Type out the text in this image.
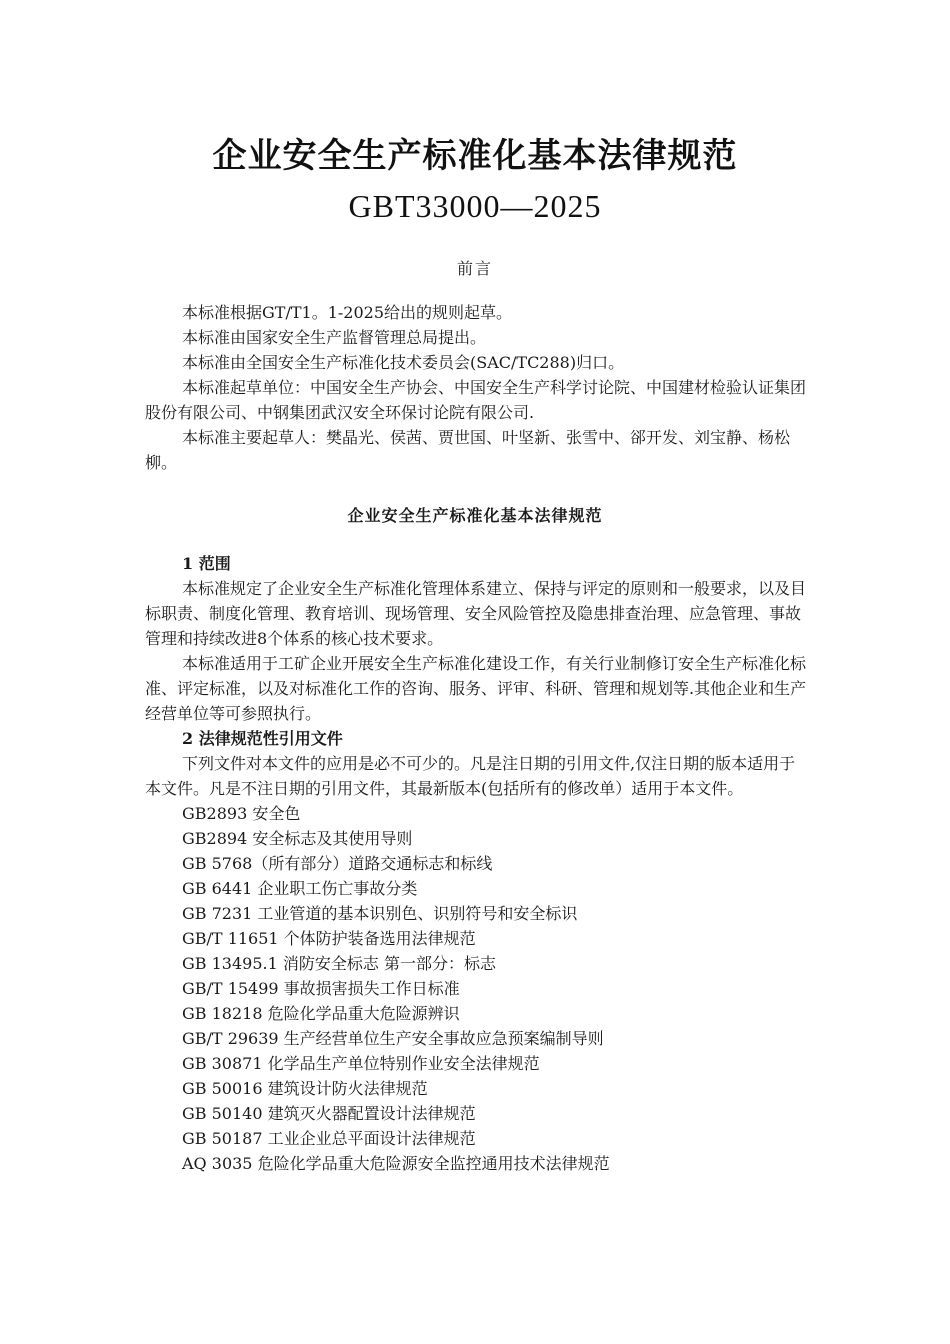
企业安全生产标准化基本法律规范
GBT33000—2025
前言

本标准根据GT/T1。1-2025给出的规则起草。

本标准由国家安全生产监督管理总局提出。

本标准由全国安全生产标准化技术委员会(SAC/TC288)归口。

本标准起草单位：中国安全生产协会、中国安全生产科学讨论院、中国建材检验认证集团股份有限公司、中钢集团武汉安全环保讨论院有限公司.

本标准主要起草人：樊晶光、侯茜、贾世国、叶坚新、张雪中、郤开发、刘宝静、杨松柳。

企业安全生产标准化基本法律规范
1 范围

本标准规定了企业安全生产标准化管理体系建立、保持与评定的原则和一般要求，以及目标职责、制度化管理、教育培训、现场管理、安全风险管控及隐患排查治理、应急管理、事故管理和持续改进8个体系的核心技术要求。

本标准适用于工矿企业开展安全生产标准化建设工作，有关行业制修订安全生产标准化标准、评定标准，以及对标准化工作的咨询、服务、评审、科研、管理和规划等.其他企业和生产经营单位等可参照执行。

2 法律规范性引用文件

下列文件对本文件的应用是必不可少的。凡是注日期的引用文件,仅注日期的版本适用于本文件。凡是不注日期的引用文件，其最新版本(包括所有的修改单）适用于本文件。

GB2893 安全色
GB2894 安全标志及其使用导则
GB 5768（所有部分）道路交通标志和标线
GB 6441 企业职工伤亡事故分类
GB 7231 工业管道的基本识别色、识别符号和安全标识
GB/T 11651 个体防护装备选用法律规范
GB 13495.1 消防安全标志 第一部分：标志
GB/T 15499 事故损害损失工作日标准
GB 18218 危险化学品重大危险源辨识
GB/T 29639 生产经营单位生产安全事故应急预案编制导则
GB 30871 化学品生产单位特别作业安全法律规范
GB 50016 建筑设计防火法律规范
GB 50140 建筑灭火器配置设计法律规范
GB 50187 工业企业总平面设计法律规范
AQ 3035 危险化学品重大危险源安全监控通用技术法律规范
